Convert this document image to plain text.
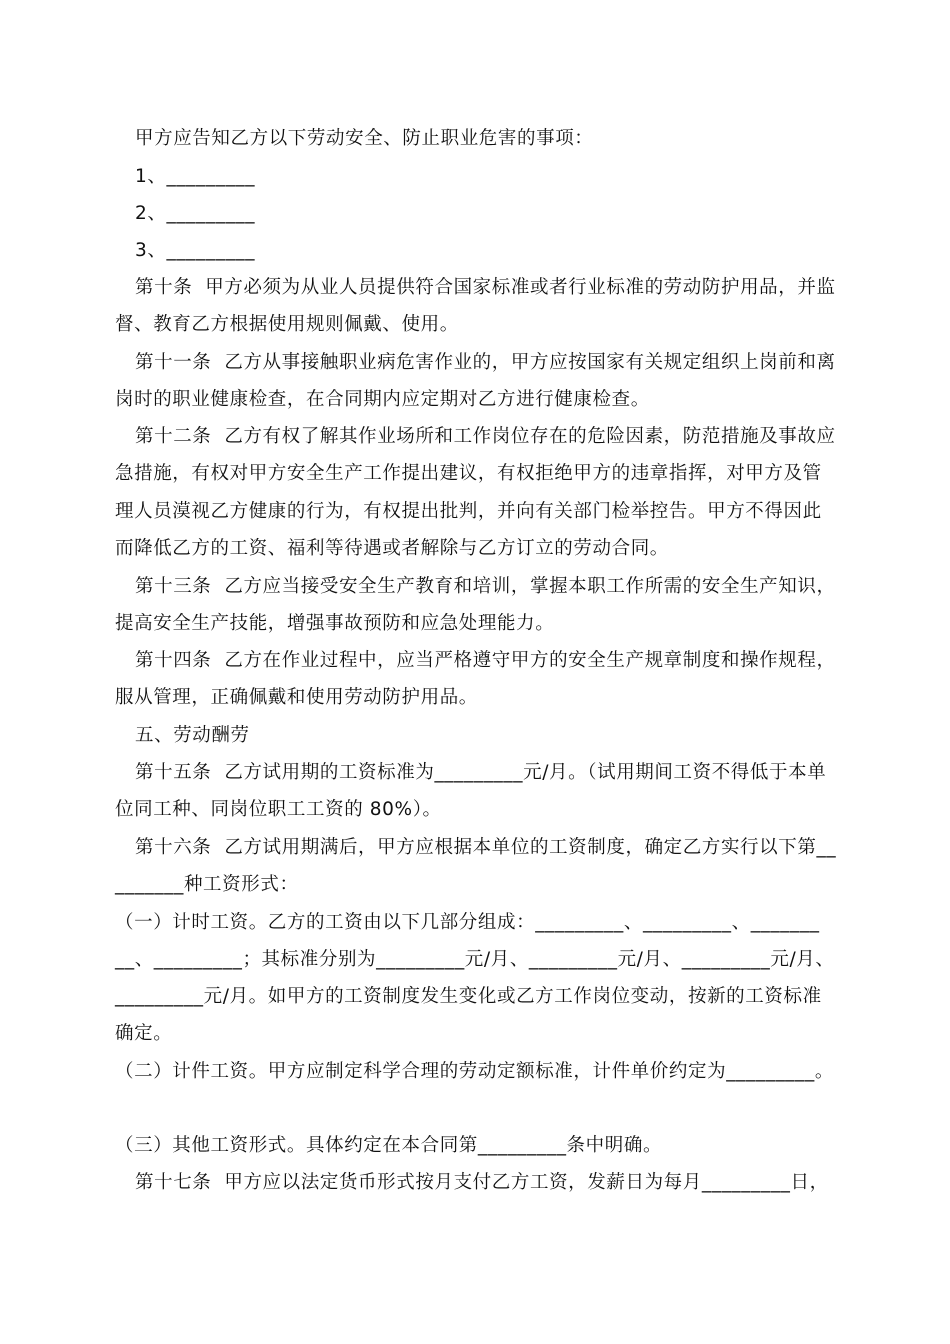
甲方应告知乙方以下劳动安全、防止职业危害的事项：
1、_________
2、_________
3、_________
第十条  甲方必须为从业人员提供符合国家标准或者行业标准的劳动防护用品，并监
督、教育乙方根据使用规则佩戴、使用。
第十一条  乙方从事接触职业病危害作业的，甲方应按国家有关规定组织上岗前和离
岗时的职业健康检查，在合同期内应定期对乙方进行健康检查。
第十二条  乙方有权了解其作业场所和工作岗位存在的危险因素，防范措施及事故应
急措施，有权对甲方安全生产工作提出建议，有权拒绝甲方的违章指挥，对甲方及管
理人员漠视乙方健康的行为，有权提出批判，并向有关部门检举控告。甲方不得因此
而降低乙方的工资、福利等待遇或者解除与乙方订立的劳动合同。
第十三条  乙方应当接受安全生产教育和培训，掌握本职工作所需的安全生产知识，
提高安全生产技能，增强事故预防和应急处理能力。
第十四条  乙方在作业过程中，应当严格遵守甲方的安全生产规章制度和操作规程，
服从管理，正确佩戴和使用劳动防护用品。
五、劳动酬劳
第十五条  乙方试用期的工资标准为_________元/月。（试用期间工资不得低于本单
位同工种、同岗位职工工资的 80%）。
第十六条  乙方试用期满后，甲方应根据本单位的工资制度，确定乙方实行以下第__
_______种工资形式：
（一）计时工资。乙方的工资由以下几部分组成：_________、_________、_______
__、_________；其标准分别为_________元/月、_________元/月、_________元/月、
_________元/月。如甲方的工资制度发生变化或乙方工作岗位变动，按新的工资标准
确定。
（二）计件工资。甲方应制定科学合理的劳动定额标准，计件单价约定为_________。
（三）其他工资形式。具体约定在本合同第_________条中明确。
第十七条  甲方应以法定货币形式按月支付乙方工资，发薪日为每月_________日，
